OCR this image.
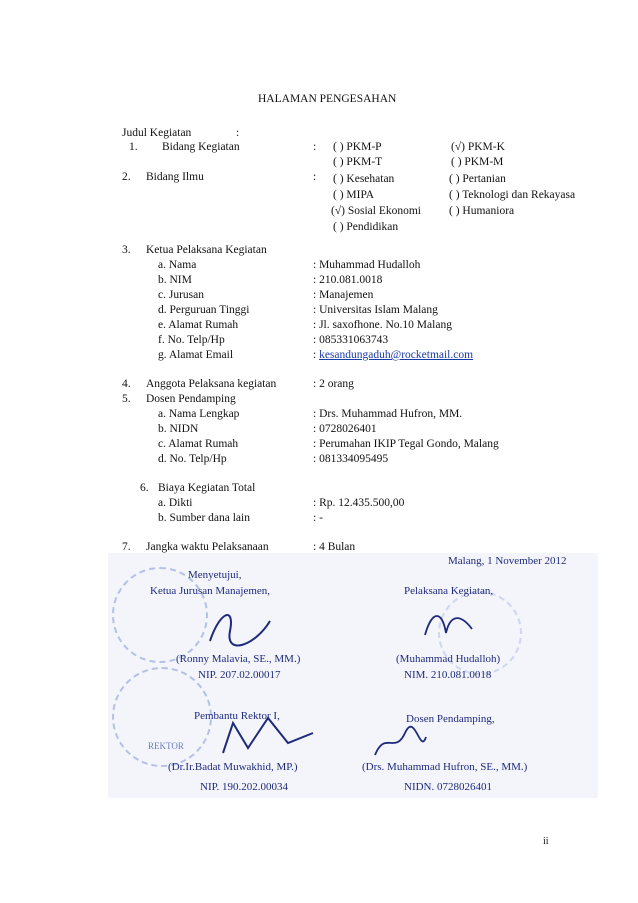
HALAMAN PENGESAHAN
Judul Kegiatan	:
1. Bidang Kegiatan	: ( ) PKM-P	(√) PKM-K
( ) PKM-T	( ) PKM-M
2. Bidang Ilmu	: ( ) Kesehatan	( ) Pertanian
( ) MIPA	( ) Teknologi dan Rekayasa
(√) Sosial Ekonomi ( ) Humaniora
( ) Pendidikan
3. Ketua Pelaksana Kegiatan
a. Nama	: Muhammad Hudalloh
b. NIM	: 210.081.0018
c. Jurusan	: Manajemen
d. Perguruan Tinggi	: Universitas Islam Malang
e. Alamat Rumah	: Jl. saxofhone. No.10 Malang
f. No. Telp/Hp	: 085331063743
g. Alamat Email	: kesandungaduh@rocketmail.com
4. Anggota Pelaksana kegiatan	: 2 orang
5. Dosen Pendamping
a. Nama Lengkap	: Drs. Muhammad Hufron, MM.
b. NIDN	: 0728026401
c. Alamat Rumah	: Perumahan IKIP Tegal Gondo, Malang
d. No. Telp/Hp	: 081334095495
6. Biaya Kegiatan Total
a. Dikti	: Rp. 12.435.500,00
b. Sumber dana lain	: -
7. Jangka waktu Pelaksanaan	: 4 Bulan
Malang, 1 November 2012
Menyetujui,
Ketua Jurusan Manajemen,
(Ronny Malavia, SE., MM.)
NIP. 207.02.00017
Pelaksana Kegiatan,
(Muhammad Hudalloh)
NIM. 210.081.0018
Pembantu Rektor I,
REKTOR
(Dr.Ir.Badat Muwakhid, MP.)
NIP. 190.202.00034
Dosen Pendamping,
(Drs. Muhammad Hufron, SE., MM.)
NIDN. 0728026401
ii
